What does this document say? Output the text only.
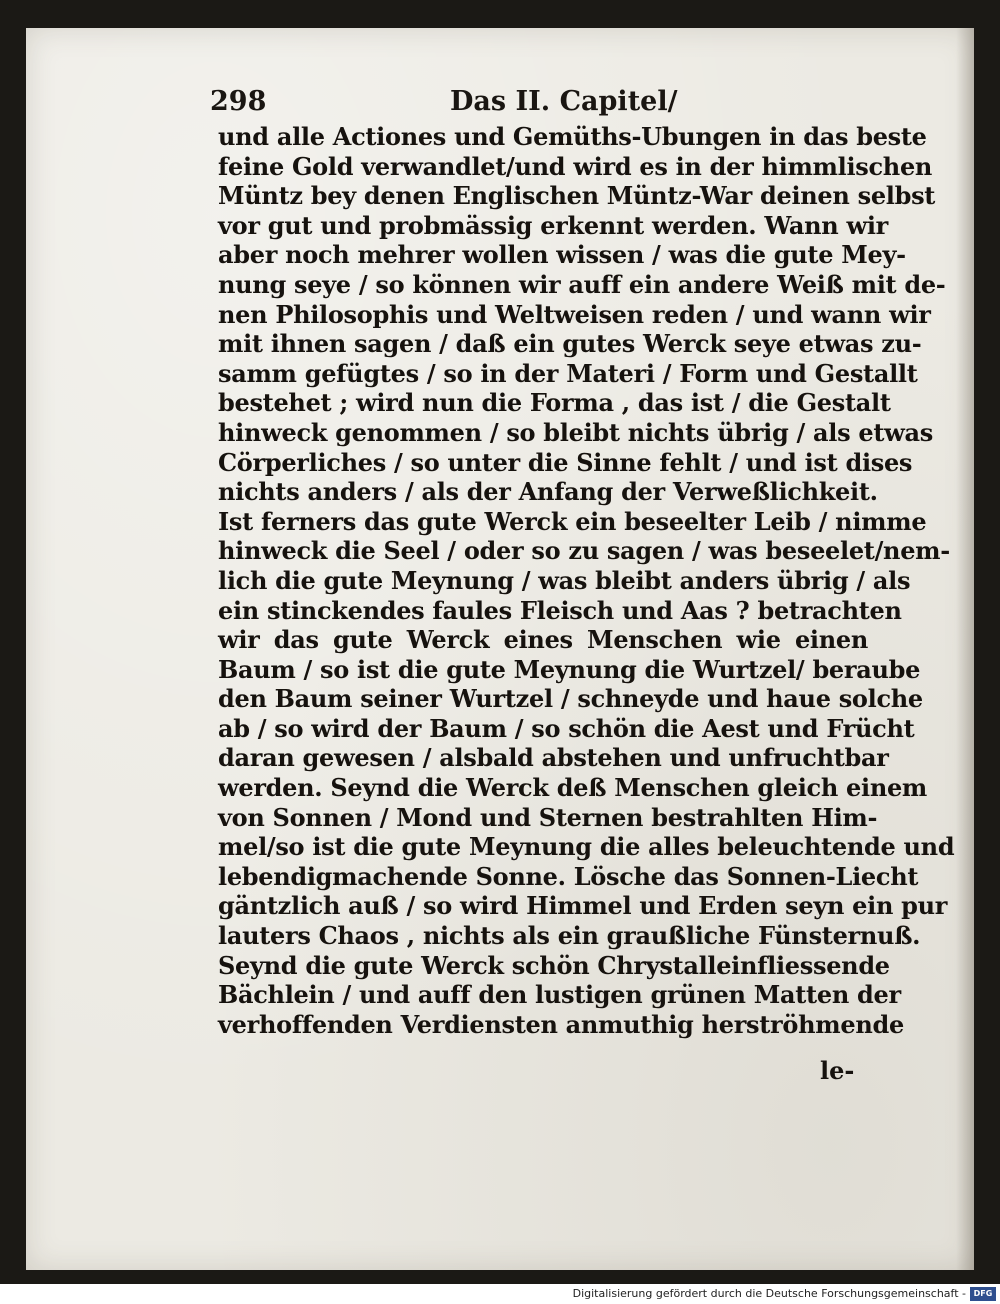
298	Das II. Capitel/
und alle Actiones und Gemüths-Ubungen in das beste
feine Gold verwandlet/und wird es in der himmlischen
Müntz bey denen Englischen Müntz-War deinen selbst
vor gut und probmässig erkennt werden. Wann wir
aber noch mehrer wollen wissen / was die gute Mey-
nung seye / so können wir auff ein andere Weiß mit de-
nen Philosophis und Weltweisen reden / und wann wir
mit ihnen sagen / daß ein gutes Werck seye etwas zu-
samm gefügtes / so in der Materi / Form und Gestallt
bestehet ; wird nun die Forma , das ist / die Gestalt
hinweck genommen / so bleibt nichts übrig / als etwas
Cörperliches / so unter die Sinne fehlt / und ist dises
nichts anders / als der Anfang der Verweßlichkeit.
Ist ferners das gute Werck ein beseelter Leib / nimme
hinweck die Seel / oder so zu sagen / was beseelet/nem-
lich die gute Meynung / was bleibt anders übrig / als
ein stinckendes faules Fleisch und Aas ? betrachten
wir das gute Werck eines Menschen wie einen
Baum / so ist die gute Meynung die Wurtzel/ beraube
den Baum seiner Wurtzel / schneyde und haue solche
ab / so wird der Baum / so schön die Aest und Frücht
daran gewesen / alsbald abstehen und unfruchtbar
werden. Seynd die Werck deß Menschen gleich einem
von Sonnen / Mond und Sternen bestrahlten Him-
mel/so ist die gute Meynung die alles beleuchtende und
lebendigmachende Sonne. Lösche das Sonnen-Liecht
gäntzlich auß / so wird Himmel und Erden seyn ein pur
lauters Chaos , nichts als ein graußliche Fünsternuß.
Seynd die gute Werck schön Chrystalleinfliessende
Bächlein / und auff den lustigen grünen Matten der
verhoffenden Verdiensten anmuthig herströhmende
le-
Digitalisierung gefördert durch die Deutsche Forschungsgemeinschaft - DFG
